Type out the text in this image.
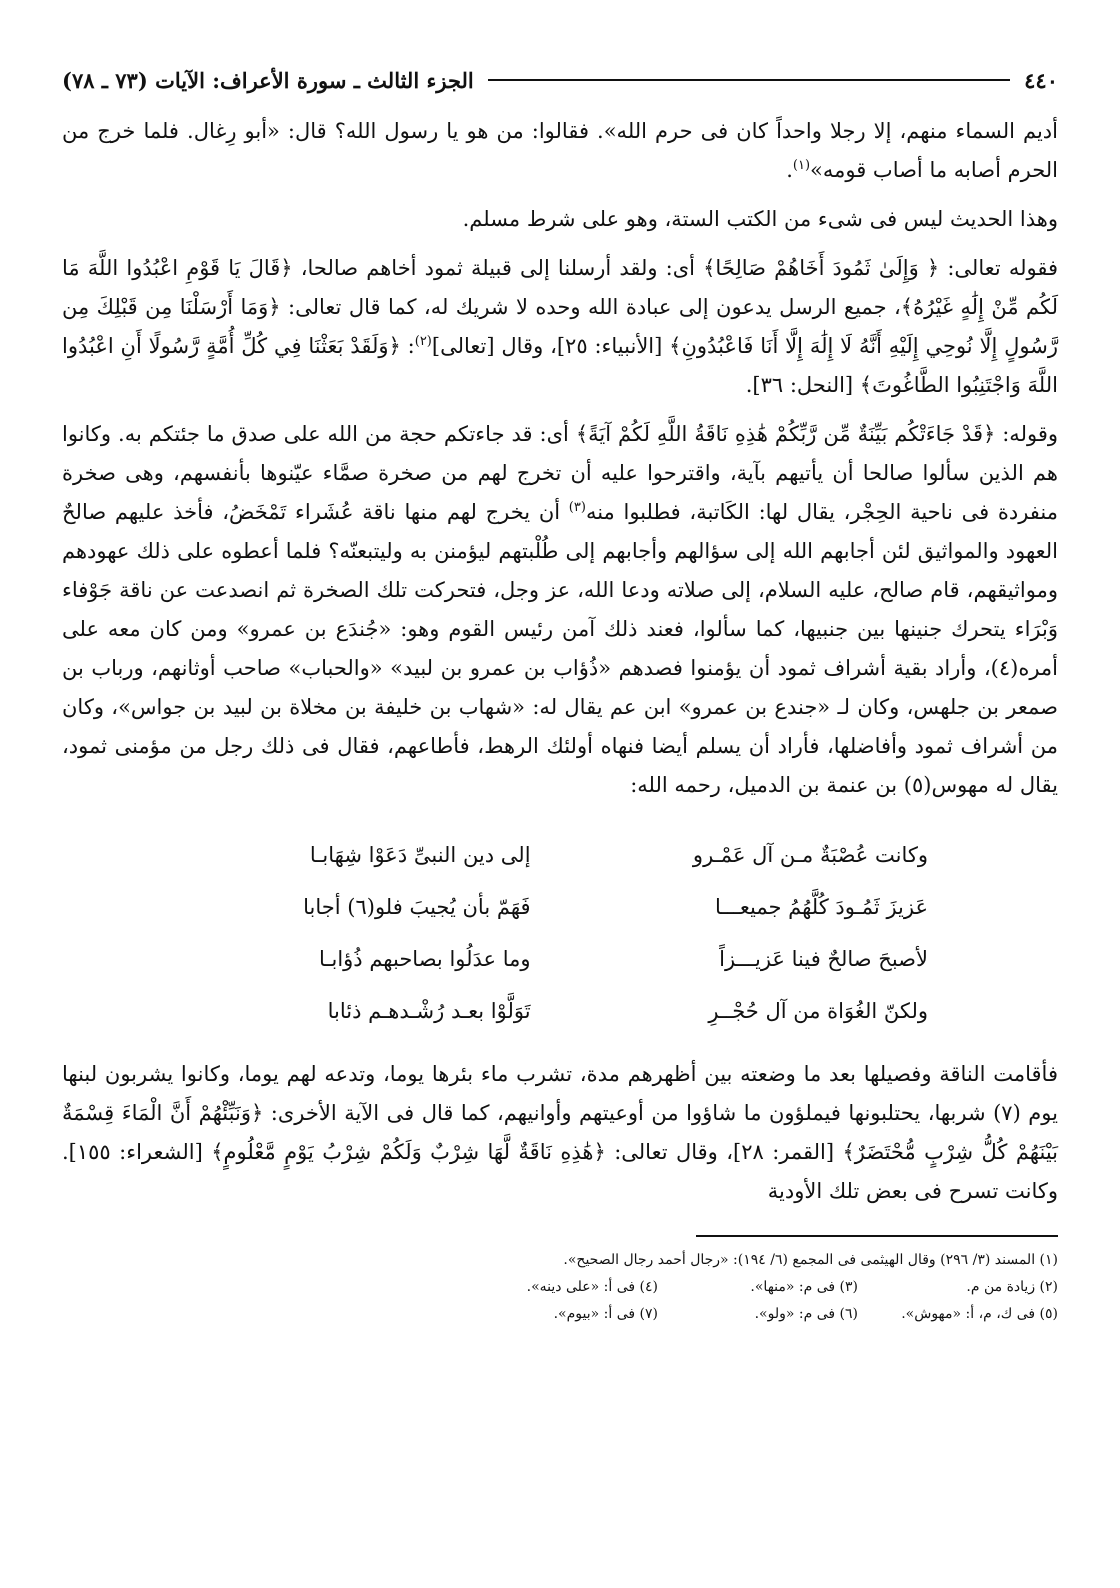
٤٤٠
الجزء الثالث ـ سورة الأعراف: الآيات (٧٣ ـ ٧٨)

أديم السماء منهم، إلا رجلا واحداً كان فى حرم الله». فقالوا: من هو يا رسول الله؟ قال: «أبو رِغال. فلما خرج من الحرم أصابه ما أصاب قومه»$^{(١)}$.

وهذا الحديث ليس فى شىء من الكتب الستة، وهو على شرط مسلم.

فقوله تعالى: ﴿ وَإِلَىٰ ثَمُودَ أَخَاهُمْ صَالِحًا﴾ أى: ولقد أرسلنا إلى قبيلة ثمود أخاهم صالحا، ﴿قَالَ يَا قَوْمِ اعْبُدُوا اللَّهَ مَا لَكُم مِّنْ إِلَٰهٍ غَيْرُهُ﴾، جميع الرسل يدعون إلى عبادة الله وحده لا شريك له، كما قال تعالى: ﴿وَمَا أَرْسَلْنَا مِن قَبْلِكَ مِن رَّسُولٍ إِلَّا نُوحِي إِلَيْهِ أَنَّهُ لَا إِلَٰهَ إِلَّا أَنَا فَاعْبُدُونِ﴾ [الأنبياء: ٢٥]، وقال [تعالى]$^{(٢)}$: ﴿وَلَقَدْ بَعَثْنَا فِي كُلِّ أُمَّةٍ رَّسُولًا أَنِ اعْبُدُوا اللَّهَ وَاجْتَنِبُوا الطَّاغُوتَ﴾ [النحل: ٣٦].

وقوله: ﴿قَدْ جَاءَتْكُم بَيِّنَةٌ مِّن رَّبِّكُمْ هَٰذِهِ نَاقَةُ اللَّهِ لَكُمْ آيَةً﴾ أى: قد جاءتكم حجة من الله على صدق ما جئتكم به. وكانوا هم الذين سألوا صالحا أن يأتيهم بآية، واقترحوا عليه أن تخرج لهم من صخرة صمَّاء عيّنوها بأنفسهم، وهى صخرة منفردة فى ناحية الحِجْر، يقال لها: الكَاتبة، فطلبوا منه$^{(٣)}$ أن يخرج لهم منها ناقة عُشَراء تَمْخَضُ، فأخذ عليهم صالحٌ العهود والمواثيق لئن أجابهم الله إلى سؤالهم وأجابهم إلى طُلْبتهم ليؤمنن به وليتبعنّه؟ فلما أعطوه على ذلك عهودهم ومواثيقهم، قام صالح، عليه السلام، إلى صلاته ودعا الله، عز وجل، فتحركت تلك الصخرة ثم انصدعت عن ناقة جَوْفاء وَبْرَاء يتحرك جنينها بين جنبيها، كما سألوا، فعند ذلك آمن رئيس القوم وهو: «جُندَع بن عمرو» ومن كان معه على أمره(٤)، وأراد بقية أشراف ثمود أن يؤمنوا فصدهم «ذُؤاب بن عمرو بن لبيد» «والحباب» صاحب أوثانهم، ورباب بن صمعر بن جلهس، وكان لـ «جندع بن عمرو» ابن عم يقال له: «شهاب بن خليفة بن مخلاة بن لبيد بن جواس»، وكان من أشراف ثمود وأفاضلها، فأراد أن يسلم أيضا فنهاه أولئك الرهط، فأطاعهم، فقال فى ذلك رجل من مؤمنى ثمود، يقال له مهوس(٥) بن عنمة بن الدميل، رحمه الله:

وكانت عُصْبَةٌ مـن آل عَمْـرو
إلى دين النبىِّ دَعَوْا شِهَابـا
عَزيزَ ثَمُـودَ كُلَّهُمُ جميعـــا
فَهَمّ بأن يُجيبَ فلو(٦) أجابا
لأصبحَ صالحٌ فينا عَزيـــزاً
وما عدَلُوا بصاحبهم ذُؤابـا
ولكنّ الغُوَاة من آل حُجْــرِ
تَوَلَّوْا بعـد رُشْـدهـم ذئابا

فأقامت الناقة وفصيلها بعد ما وضعته بين أظهرهم مدة، تشرب ماء بئرها يوما، وتدعه لهم يوما، وكانوا يشربون لبنها يوم (٧) شربها، يحتلبونها فيملؤون ما شاؤوا من أوعيتهم وأوانيهم، كما قال فى الآية الأخرى: ﴿وَنَبِّئْهُمْ أَنَّ الْمَاءَ قِسْمَةٌ بَيْنَهُمْ كُلُّ شِرْبٍ مُّحْتَضَرٌ﴾ [القمر: ٢٨]، وقال تعالى: ﴿هَٰذِهِ نَاقَةٌ لَّهَا شِرْبٌ وَلَكُمْ شِرْبُ يَوْمٍ مَّعْلُومٍ﴾ [الشعراء: ١٥٥]. وكانت تسرح فى بعض تلك الأودية

(١) المسند (٣/ ٢٩٦) وقال الهيثمى فى المجمع (٦/ ١٩٤): «رجال أحمد رجال الصحيح».
(٢) زيادة من م.
(٣) فى م: «منها».
(٤) فى أ: «على دينه».
(٥) فى ك، م، أ: «مهوش».
(٦) فى م: «ولو».
(٧) فى أ: «بيوم».
